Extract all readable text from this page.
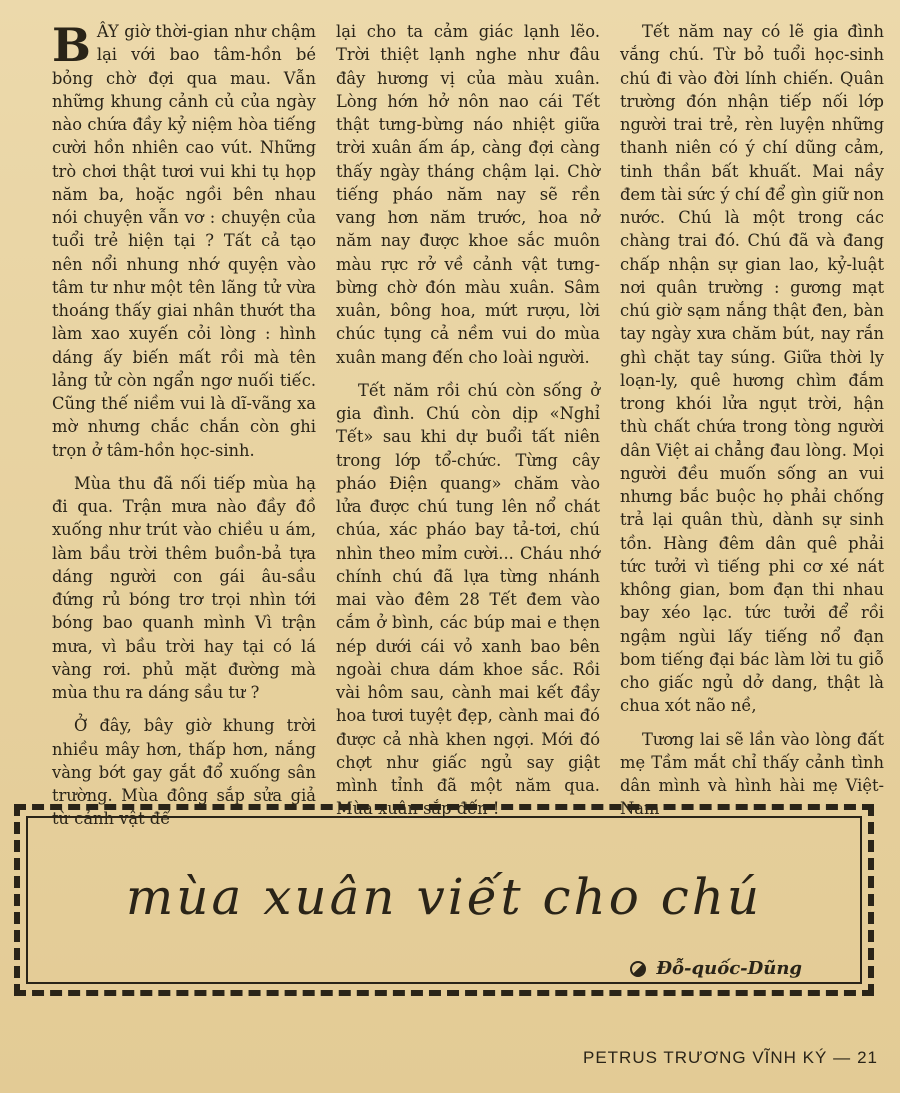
BÂY giờ thời-gian như chậm lại với bao tâm-hồn bé bỏng chờ đợi qua mau. Vẫn những khung cảnh củ của ngày nào chứa đầy kỷ niệm hòa tiếng cười hồn nhiên cao vút. Những trò chơi thật tươi vui khi tụ họp năm ba, hoặc ngồi bên nhau nói chuyện vẫn vơ : chuyện của tuổi trẻ hiện tại ? Tất cả tạo nên nổi nhung nhớ quyện vào tâm tư như một tên lãng tử vừa thoáng thấy giai nhân thướt tha làm xao xuyến cỏi lòng : hình dáng ấy biến mất rồi mà tên lảng tử còn ngẩn ngơ nuối tiếc. Cũng thế niềm vui là dĩ-vãng xa mờ nhưng chắc chắn còn ghi trọn ở tâm-hồn học-sinh.

Mùa thu đã nối tiếp mùa hạ đi qua. Trận mưa nào đầy đồ xuống như trút vào chiều u ám, làm bầu trời thêm buồn-bả tựa dáng người con gái âu-sầu đứng rủ bóng trơ trọi nhìn tới bóng bao quanh mình Vì trận mưa, vì bầu trời hay tại có lá vàng rơi. phủ mặt đường mà mùa thu ra dáng sầu tư ?

Ở đây, bây giờ khung trời nhiều mây hơn, thấp hơn, nắng vàng bớt gay gắt đổ xuống sân trường. Mùa đông sắp sửa giả từ cảnh vật để

lại cho ta cảm giác lạnh lẽo. Trời thiệt lạnh nghe như đâu đây hương vị của màu xuân. Lòng hớn hở nôn nao cái Tết thật tưng-bừng náo nhiệt giữa trời xuân ấm áp, càng đợi càng thấy ngày tháng chậm lại. Chờ tiếng pháo năm nay sẽ rền vang hơn năm trước, hoa nở năm nay được khoe sắc muôn màu rực rở về cảnh vật tưng-bừng chờ đón màu xuân. Sâm xuân, bông hoa, mứt rượu, lời chúc tụng cả nềm vui do mùa xuân mang đến cho loài người.

Tết năm rồi chú còn sống ở gia đình. Chú còn dịp «Nghỉ Tết» sau khi dự buổi tất niên trong lớp tổ-chức. Từng cây pháo Điện quang» chăm vào lửa được chú tung lên nổ chát chúa, xác pháo bay tả-tơi, chú nhìn theo mỉm cười... Cháu nhớ chính chú đã lựa từng nhánh mai vào đêm 28 Tết đem vào cắm ở bình, các búp mai e thẹn nép dưới cái vỏ xanh bao bên ngoài chưa dám khoe sắc. Rồi vài hôm sau, cành mai kết đầy hoa tươi tuyệt đẹp, cành mai đó được cả nhà khen ngợi. Mới đó chợt như giấc ngủ say giật mình tỉnh đã một năm qua. Mùa xuân sắp đến !

Tết năm nay có lẽ gia đình vắng chú. Từ bỏ tuổi học-sinh chú đi vào đời lính chiến. Quân trường đón nhận tiếp nối lớp người trai trẻ, rèn luyện những thanh niên có ý chí dũng cảm, tinh thần bất khuất. Mai nầy đem tài sức ý chí để gìn giữ non nước. Chú là một trong các chàng trai đó. Chú đã và đang chấp nhận sự gian lao, kỷ-luật nơi quân trường : gương mạt chú giờ sạm nắng thật đen, bàn tay ngày xưa chăm bút, nay rắn ghì chặt tay súng. Giữa thời ly loạn-ly, quê hương chìm đắm trong khói lửa ngụt trời, hận thù chất chứa trong tòng người dân Việt ai chẳng đau lòng. Mọi người đều muốn sống an vui nhưng bắc buộc họ phải chống trả lại quân thù, dành sự sinh tồn. Hàng đêm dân quê phải tức tưởi vì tiếng phi cơ xé nát không gian, bom đạn thi nhau bay xéo lạc. tức tưởi để rồi ngậm ngùi lấy tiếng nổ đạn bom tiếng đại bác làm lời tu giỗ cho giấc ngủ dở dang, thật là chua xót não nề,

Tương lai sẽ lần vào lòng đất mẹ Tầm mắt chỉ thấy cảnh tình dân mình và hình hài mẹ Việt-Nam

mùa xuân viết cho chú
Đỗ-quốc-Dũng
PETRUS TRƯƠNG VĨNH KÝ — 21
